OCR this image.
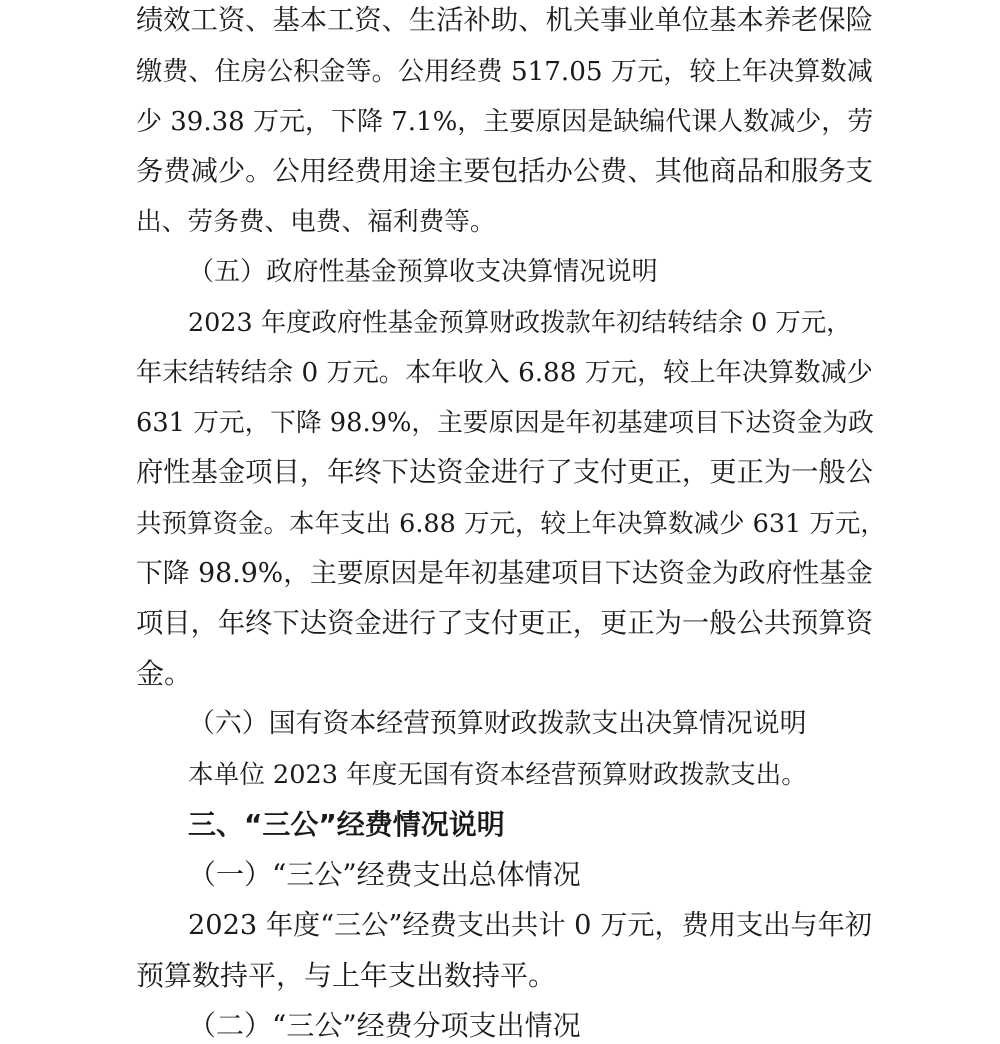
绩效工资、基本工资、生活补助、机关事业单位基本养老保险
缴费、住房公积金等。公用经费 517.05 万元，较上年决算数减
少 39.38 万元，下降 7.1%，主要原因是缺编代课人数减少，劳
务费减少。公用经费用途主要包括办公费、其他商品和服务支
出、劳务费、电费、福利费等。
（五）政府性基金预算收支决算情况说明
2023 年度政府性基金预算财政拨款年初结转结余 0 万元，
年末结转结余 0 万元。本年收入 6.88 万元，较上年决算数减少
631 万元，下降 98.9%，主要原因是年初基建项目下达资金为政
府性基金项目，年终下达资金进行了支付更正，更正为一般公
共预算资金。本年支出 6.88 万元，较上年决算数减少 631 万元，
下降 98.9%，主要原因是年初基建项目下达资金为政府性基金
项目，年终下达资金进行了支付更正，更正为一般公共预算资
金。
（六）国有资本经营预算财政拨款支出决算情况说明
本单位 2023 年度无国有资本经营预算财政拨款支出。
三、“三公”经费情况说明
（一）“三公”经费支出总体情况
2023 年度“三公”经费支出共计 0 万元，费用支出与年初
预算数持平，与上年支出数持平。
（二）“三公”经费分项支出情况
